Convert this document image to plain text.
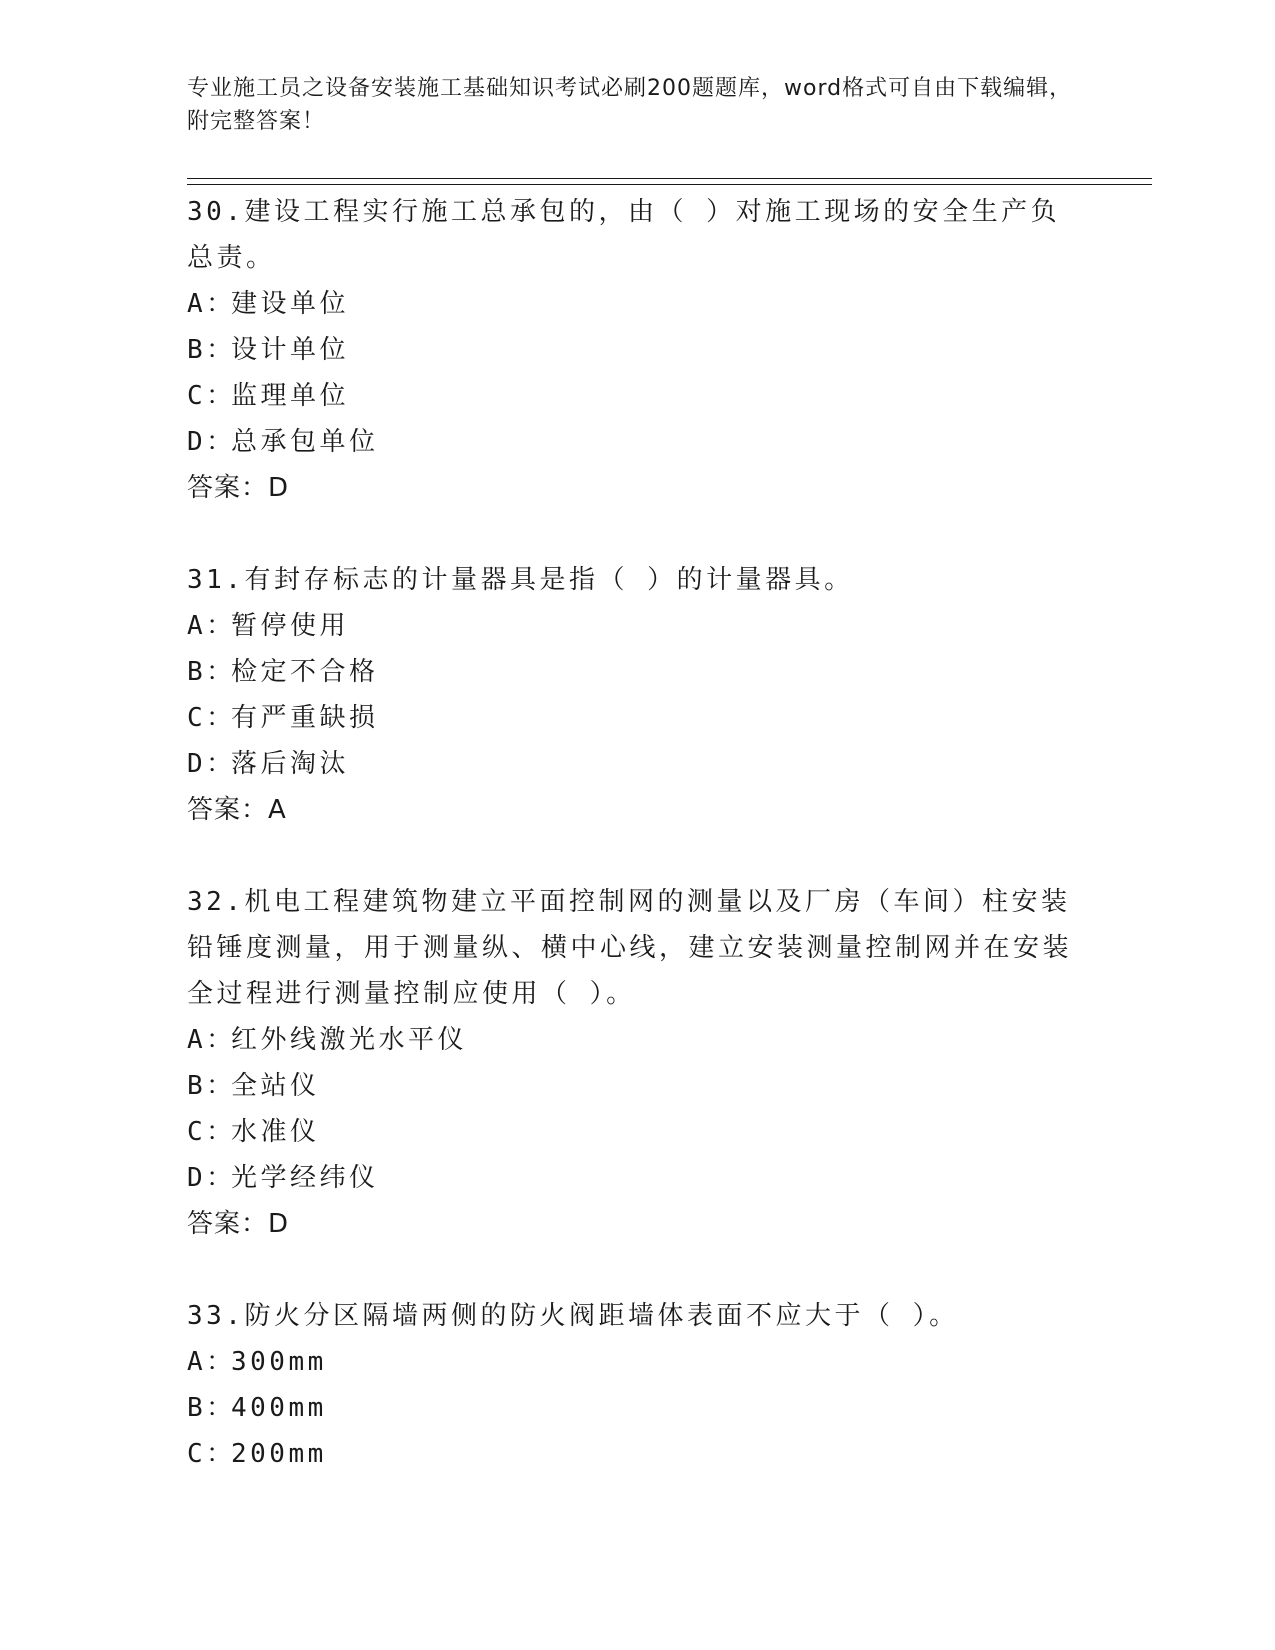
专业施工员之设备安装施工基础知识考试必刷200题题库，word格式可自由下载编辑，附完整答案！

30.建设工程实行施工总承包的，由（ ）对施工现场的安全生产负总责。

A：建设单位

B：设计单位

C：监理单位

D：总承包单位

答案：D

31.有封存标志的计量器具是指（ ）的计量器具。

A：暂停使用

B：检定不合格

C：有严重缺损

D：落后淘汰

答案：A

32.机电工程建筑物建立平面控制网的测量以及厂房（车间）柱安装铅锤度测量，用于测量纵、横中心线，建立安装测量控制网并在安装全过程进行测量控制应使用（ ）。

A：红外线激光水平仪

B：全站仪

C：水准仪

D：光学经纬仪

答案：D

33.防火分区隔墙两侧的防火阀距墙体表面不应大于（ ）。

A：300mm

B：400mm

C：200mm
